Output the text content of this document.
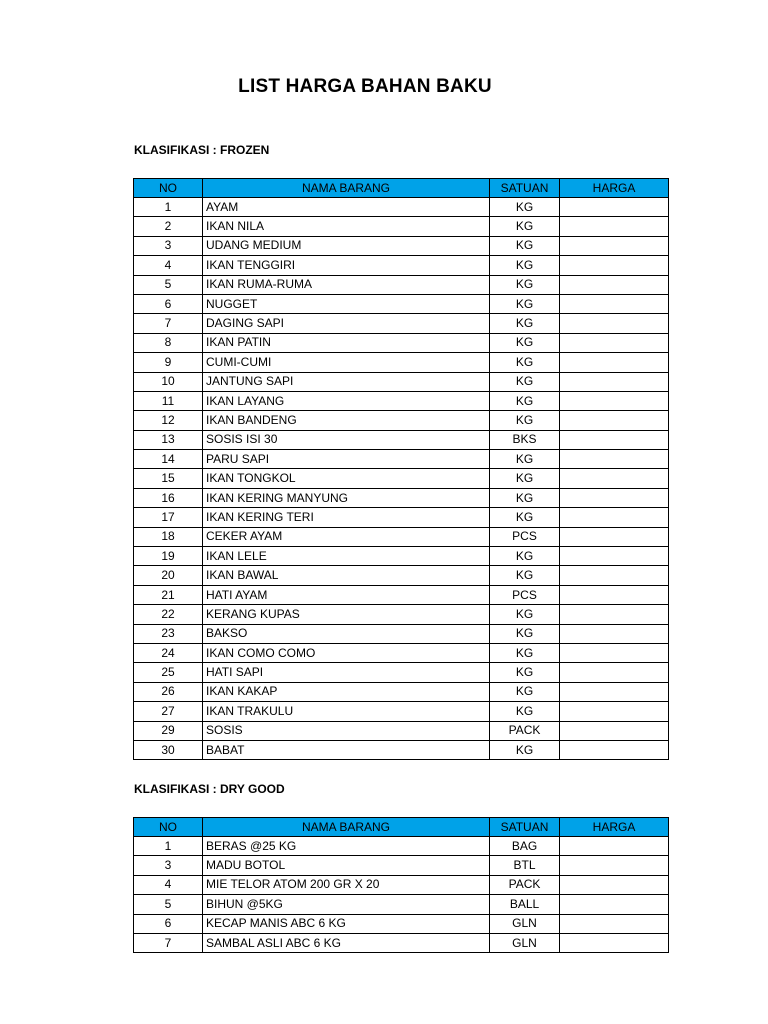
LIST HARGA BAHAN BAKU
KLASIFIKASI : FROZEN
NO	NAMA BARANG	SATUAN	HARGA
1	AYAM	KG	
2	IKAN NILA	KG	
3	UDANG MEDIUM	KG	
4	IKAN TENGGIRI	KG	
5	IKAN RUMA-RUMA	KG	
6	NUGGET	KG	
7	DAGING SAPI	KG	
8	IKAN PATIN	KG	
9	CUMI-CUMI	KG	
10	JANTUNG SAPI	KG	
11	IKAN LAYANG	KG	
12	IKAN BANDENG	KG	
13	SOSIS ISI 30	BKS	
14	PARU SAPI	KG	
15	IKAN TONGKOL	KG	
16	IKAN KERING MANYUNG	KG	
17	IKAN KERING TERI	KG	
18	CEKER AYAM	PCS	
19	IKAN LELE	KG	
20	IKAN BAWAL	KG	
21	HATI AYAM	PCS	
22	KERANG KUPAS	KG	
23	BAKSO	KG	
24	IKAN COMO COMO	KG	
25	HATI SAPI	KG	
26	IKAN KAKAP	KG	
27	IKAN TRAKULU	KG	
29	SOSIS	PACK	
30	BABAT	KG	
KLASIFIKASI : DRY GOOD
NO	NAMA BARANG	SATUAN	HARGA
1	BERAS @25 KG	BAG	
3	MADU BOTOL	BTL	
4	MIE TELOR ATOM 200 GR X 20	PACK	
5	BIHUN @5KG	BALL	
6	KECAP MANIS ABC 6 KG	GLN	
7	SAMBAL ASLI ABC 6 KG	GLN	
